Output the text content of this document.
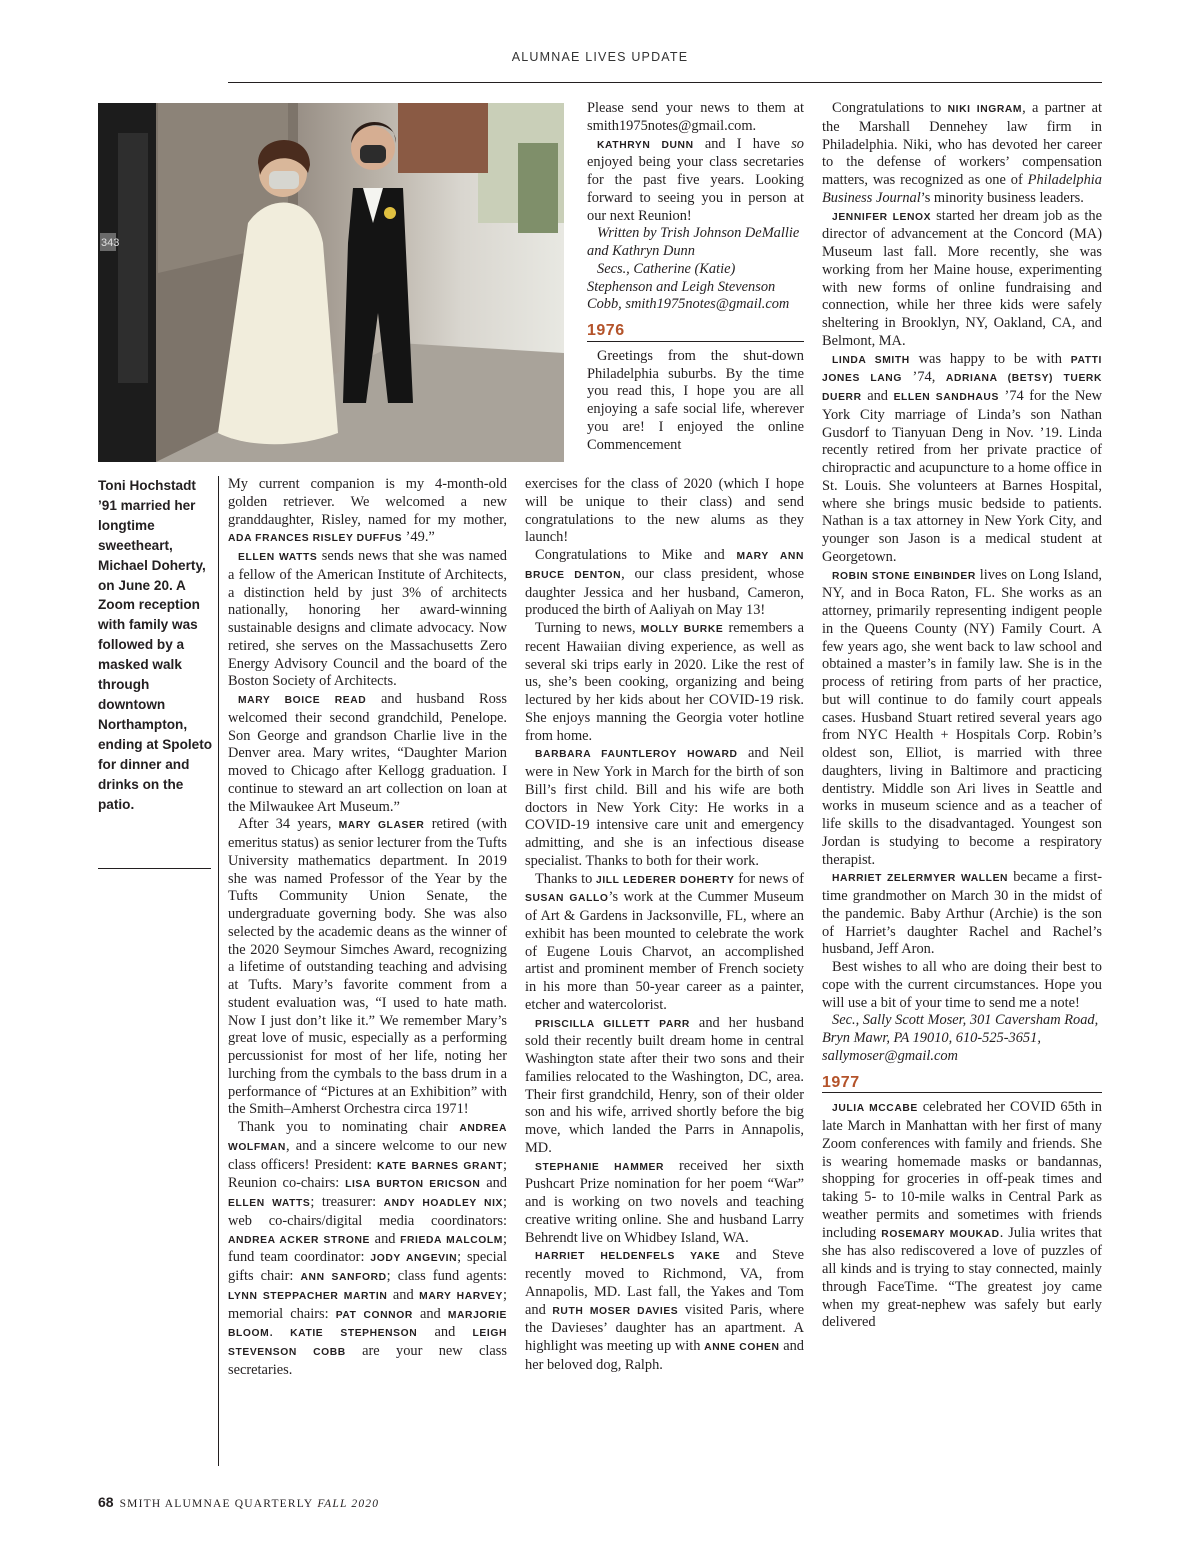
ALUMNAE LIVES UPDATE
343
Toni Hochstadt ’91 married her longtime sweetheart, Michael Doherty, on June 20. A Zoom reception with family was followed by a masked walk through downtown Northampton, ending at Spoleto for dinner and drinks on the patio.

My current companion is my 4-month-old golden retriever. We welcomed a new granddaughter, Risley, named for my mother, ADA FRANCES RISLEY DUFFUS ’49.”

ELLEN WATTS sends news that she was named a fellow of the American Institute of Architects, a distinction held by just 3% of architects nationally, honoring her award-winning sustainable designs and climate advocacy. Now retired, she serves on the Massachusetts Zero Energy Advisory Council and the board of the Boston Society of Architects.

MARY BOICE READ and husband Ross welcomed their second grandchild, Penelope. Son George and grandson Charlie live in the Denver area. Mary writes, “Daughter Marion moved to Chicago after Kellogg graduation. I continue to steward an art collection on loan at the Milwaukee Art Museum.”

After 34 years, MARY GLASER retired (with emeritus status) as senior lecturer from the Tufts University mathematics department. In 2019 she was named Professor of the Year by the Tufts Community Union Senate, the undergraduate governing body. She was also selected by the academic deans as the winner of the 2020 Seymour Simches Award, recognizing a lifetime of outstanding teaching and advising at Tufts. Mary’s favorite comment from a student evaluation was, “I used to hate math. Now I just don’t like it.” We remember Mary’s great love of music, especially as a performing percussionist for most of her life, noting her lurching from the cymbals to the bass drum in a performance of “Pictures at an Exhibition” with the Smith–Amherst Orchestra circa 1971!

Thank you to nominating chair ANDREA WOLFMAN, and a sincere welcome to our new class officers! President: KATE BARNES GRANT; Reunion co-chairs: LISA BURTON ERICSON and ELLEN WATTS; treasurer: ANDY HOADLEY NIX; web co-chairs/digital media coordinators: ANDREA ACKER STRONE and FRIEDA MALCOLM; fund team coordinator: JODY ANGEVIN; special gifts chair: ANN SANFORD; class fund agents: LYNN STEPPACHER MARTIN and MARY HARVEY; memorial chairs: PAT CONNOR and MARJORIE BLOOM. KATIE STEPHENSON and LEIGH STEVENSON COBB are your new class secretaries.

Please send your news to them at smith1975notes@gmail.com.

KATHRYN DUNN and I have so enjoyed being your class secretaries for the past five years. Looking forward to seeing you in person at our next Reunion!

Written by Trish Johnson DeMallie and Kathryn Dunn

Secs., Catherine (Katie) Stephenson and Leigh Stevenson Cobb, smith1975notes@gmail.com

1976

Greetings from the shut-down Philadelphia suburbs. By the time you read this, I hope you are all enjoying a safe social life, wherever you are! I enjoyed the online Commencement

exercises for the class of 2020 (which I hope will be unique to their class) and send congratulations to the new alums as they launch!

Congratulations to Mike and MARY ANN BRUCE DENTON, our class president, whose daughter Jessica and her husband, Cameron, produced the birth of Aaliyah on May 13!

Turning to news, MOLLY BURKE remembers a recent Hawaiian diving experience, as well as several ski trips early in 2020. Like the rest of us, she’s been cooking, organizing and being lectured by her kids about her COVID-19 risk. She enjoys manning the Georgia voter hotline from home.

BARBARA FAUNTLEROY HOWARD and Neil were in New York in March for the birth of son Bill’s first child. Bill and his wife are both doctors in New York City: He works in a COVID-19 intensive care unit and emergency admitting, and she is an infectious disease specialist. Thanks to both for their work.

Thanks to JILL LEDERER DOHERTY for news of SUSAN GALLO’s work at the Cummer Museum of Art & Gardens in Jacksonville, FL, where an exhibit has been mounted to celebrate the work of Eugene Louis Charvot, an accomplished artist and prominent member of French society in his more than 50-year career as a painter, etcher and watercolorist.

PRISCILLA GILLETT PARR and her husband sold their recently built dream home in central Washington state after their two sons and their families relocated to the Washington, DC, area. Their first grandchild, Henry, son of their older son and his wife, arrived shortly before the big move, which landed the Parrs in Annapolis, MD.

STEPHANIE HAMMER received her sixth Pushcart Prize nomination for her poem “War” and is working on two novels and teaching creative writing online. She and husband Larry Behrendt live on Whidbey Island, WA.

HARRIET HELDENFELS YAKE and Steve recently moved to Richmond, VA, from Annapolis, MD. Last fall, the Yakes and Tom and RUTH MOSER DAVIES visited Paris, where the Davieses’ daughter has an apartment. A highlight was meeting up with ANNE COHEN and her beloved dog, Ralph.

Congratulations to NIKI INGRAM, a partner at the Marshall Dennehey law firm in Philadelphia. Niki, who has devoted her career to the defense of workers’ compensation matters, was recognized as one of Philadelphia Business Journal’s minority business leaders.

JENNIFER LENOX started her dream job as the director of advancement at the Concord (MA) Museum last fall. More recently, she was working from her Maine house, experimenting with new forms of online fundraising and connection, while her three kids were safely sheltering in Brooklyn, NY, Oakland, CA, and Belmont, MA.

LINDA SMITH was happy to be with PATTI JONES LANG ’74, ADRIANA (BETSY) TUERK DUERR and ELLEN SANDHAUS ’74 for the New York City marriage of Linda’s son Nathan Gusdorf to Tianyuan Deng in Nov. ’19. Linda recently retired from her private practice of chiropractic and acupuncture to a home office in St. Louis. She volunteers at Barnes Hospital, where she brings music bedside to patients. Nathan is a tax attorney in New York City, and younger son Jason is a medical student at Georgetown.

ROBIN STONE EINBINDER lives on Long Island, NY, and in Boca Raton, FL. She works as an attorney, primarily representing indigent people in the Queens County (NY) Family Court. A few years ago, she went back to law school and obtained a master’s in family law. She is in the process of retiring from parts of her practice, but will continue to do family court appeals cases. Husband Stuart retired several years ago from NYC Health + Hospitals Corp. Robin’s oldest son, Elliot, is married with three daughters, living in Baltimore and practicing dentistry. Middle son Ari lives in Seattle and works in museum science and as a teacher of life skills to the disadvantaged. Youngest son Jordan is studying to become a respiratory therapist.

HARRIET ZELERMYER WALLEN became a first-time grandmother on March 30 in the midst of the pandemic. Baby Arthur (Archie) is the son of Harriet’s daughter Rachel and Rachel’s husband, Jeff Aron.

Best wishes to all who are doing their best to cope with the current circumstances. Hope you will use a bit of your time to send me a note!

Sec., Sally Scott Moser, 301 Caversham Road, Bryn Mawr, PA 19010, 610-525-3651, sallymoser@gmail.com

1977

JULIA MCCABE celebrated her COVID 65th in late March in Manhattan with her first of many Zoom conferences with family and friends. She is wearing homemade masks or bandannas, shopping for groceries in off-peak times and taking 5- to 10-mile walks in Central Park as weather permits and sometimes with friends including ROSEMARY MOUKAD. Julia writes that she has also rediscovered a love of puzzles of all kinds and is trying to stay connected, mainly through FaceTime. “The greatest joy came when my great-nephew was safely but early delivered

68 SMITH ALUMNAE QUARTERLY FALL 2020
